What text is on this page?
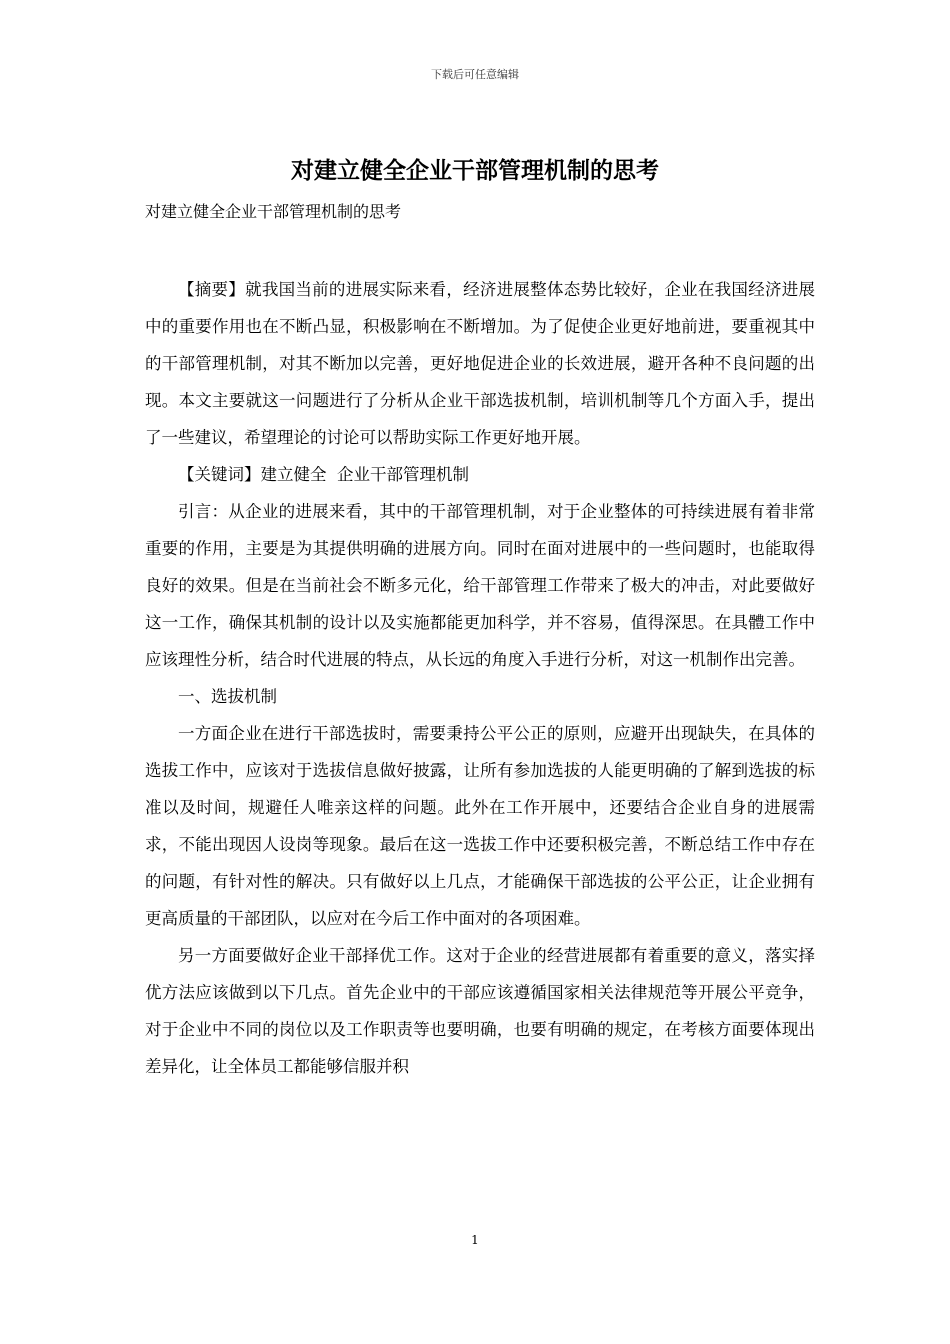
下载后可任意编辑
对建立健全企业干部管理机制的思考

对建立健全企业干部管理机制的思考

【摘要】就我国当前的进展实际来看，经济进展整体态势比较好，企业在我国经济进展中的重要作用也在不断凸显，积极影响在不断增加。为了促使企业更好地前进，要重视其中的干部管理机制，对其不断加以完善，更好地促进企业的长效进展，避开各种不良问题的出现。本文主要就这一问题进行了分析从企业干部选拔机制，培训机制等几个方面入手，提出了一些建议，希望理论的讨论可以帮助实际工作更好地开展。

【关键词】建立健全  企业干部管理机制

引言：从企业的进展来看，其中的干部管理机制，对于企业整体的可持续进展有着非常重要的作用，主要是为其提供明确的进展方向。同时在面对进展中的一些问题时，也能取得良好的效果。但是在当前社会不断多元化，给干部管理工作带来了极大的冲击，对此要做好这一工作，确保其机制的设计以及实施都能更加科学，并不容易，值得深思。在具體工作中应该理性分析，结合时代进展的特点，从长远的角度入手进行分析，对这一机制作出完善。

一、选拔机制

一方面企业在进行干部选拔时，需要秉持公平公正的原则，应避开出现缺失，在具体的选拔工作中，应该对于选拔信息做好披露，让所有参加选拔的人能更明确的了解到选拔的标准以及时间，规避任人唯亲这样的问题。此外在工作开展中，还要结合企业自身的进展需求，不能出现因人设岗等现象。最后在这一选拔工作中还要积极完善，不断总结工作中存在的问题，有针对性的解决。只有做好以上几点，才能确保干部选拔的公平公正，让企业拥有更高质量的干部团队，以应对在今后工作中面对的各项困难。

另一方面要做好企业干部择优工作。这对于企业的经营进展都有着重要的意义，落实择优方法应该做到以下几点。首先企业中的干部应该遵循国家相关法律规范等开展公平竞争，对于企业中不同的岗位以及工作职责等也要明确，也要有明确的规定，在考核方面要体现出差异化，让全体员工都能够信服并积

1
